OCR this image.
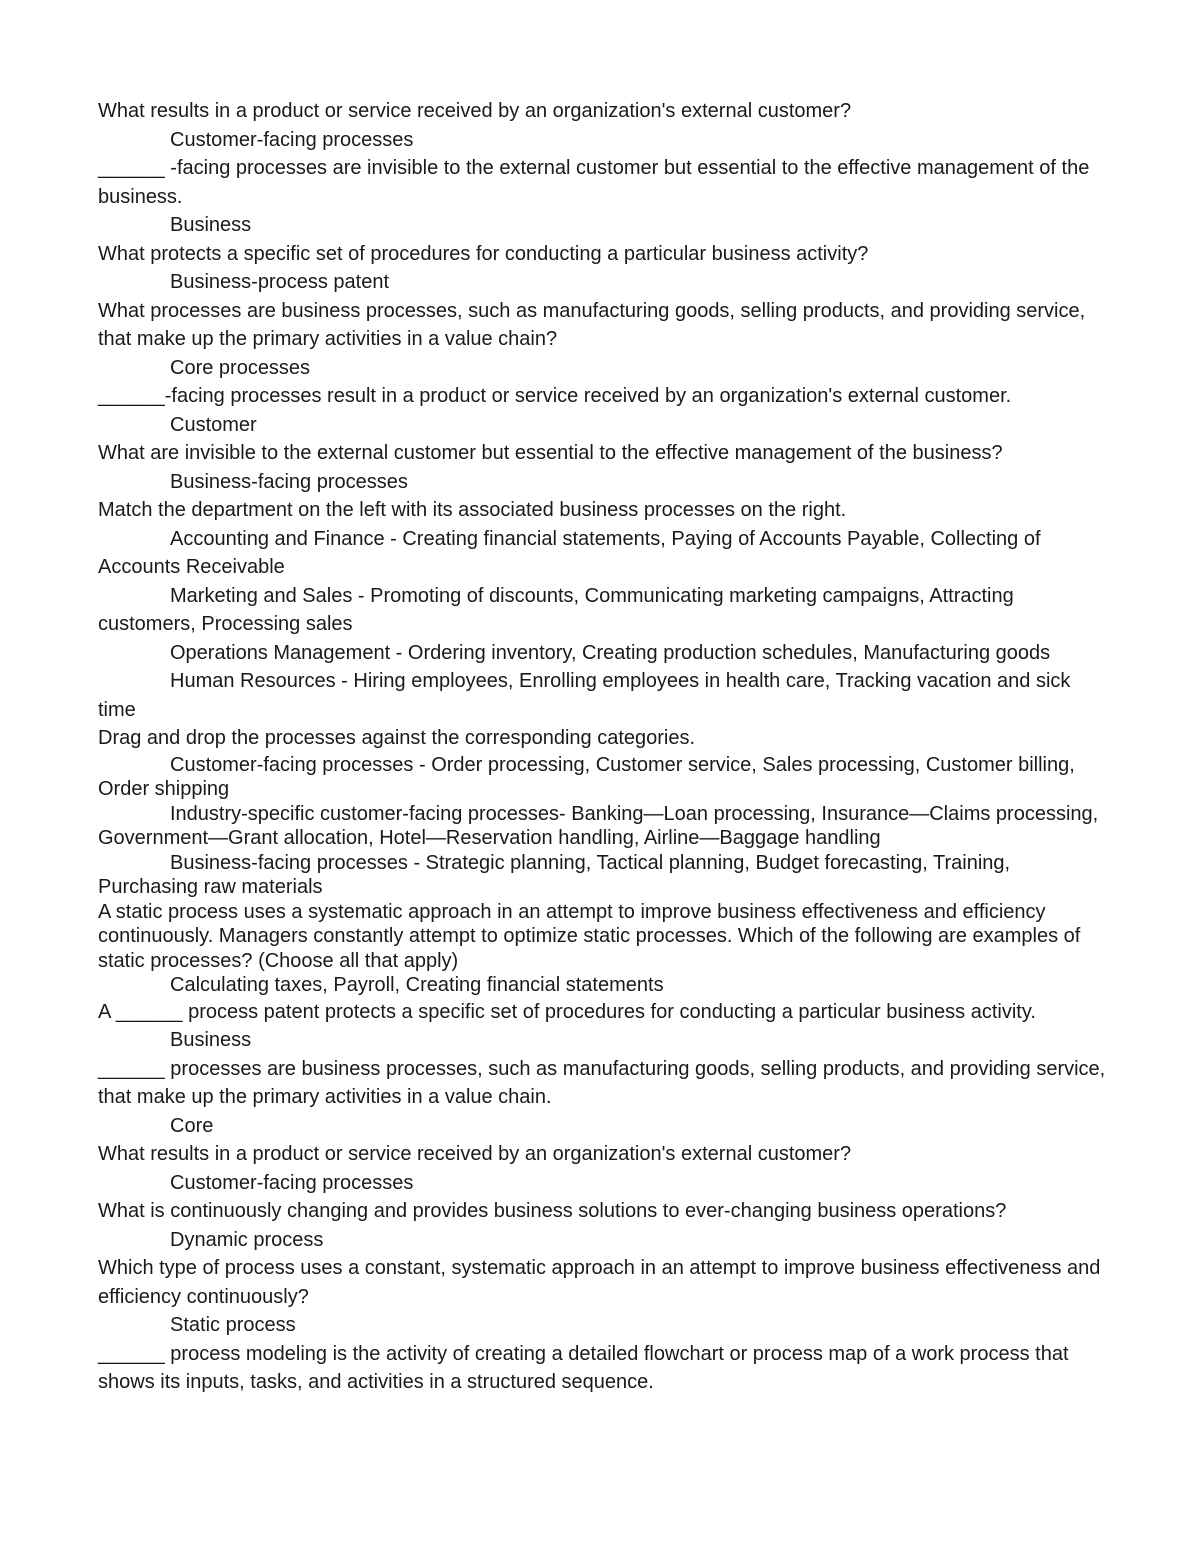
What results in a product or service received by an organization's external customer?

Customer-facing processes

______ -facing processes are invisible to the external customer but essential to the effective management of the business.

Business

What protects a specific set of procedures for conducting a particular business activity?

Business-process patent

What processes are business processes, such as manufacturing goods, selling products, and providing service, that make up the primary activities in a value chain?

Core processes

______-facing processes result in a product or service received by an organization's external customer.

Customer

What are invisible to the external customer but essential to the effective management of the business?

Business-facing processes

Match the department on the left with its associated business processes on the right.

Accounting and Finance - Creating financial statements, Paying of Accounts Payable, Collecting of Accounts Receivable

Marketing and Sales - Promoting of discounts, Communicating marketing campaigns, Attracting customers, Processing sales

Operations Management - Ordering inventory, Creating production schedules, Manufacturing goods

Human Resources - Hiring employees, Enrolling employees in health care, Tracking vacation and sick time

Drag and drop the processes against the corresponding categories.

Customer-facing processes - Order processing, Customer service, Sales processing, Customer billing, Order shipping

Industry-specific customer-facing processes- Banking—Loan processing, Insurance—Claims processing, Government—Grant allocation, Hotel—Reservation handling, Airline—Baggage handling

Business-facing processes - Strategic planning, Tactical planning, Budget forecasting, Training, Purchasing raw materials

A static process uses a systematic approach in an attempt to improve business effectiveness and efficiency continuously. Managers constantly attempt to optimize static processes. Which of the following are examples of static processes? (Choose all that apply)

Calculating taxes, Payroll, Creating financial statements

A ______ process patent protects a specific set of procedures for conducting a particular business activity.

Business

______ processes are business processes, such as manufacturing goods, selling products, and providing service, that make up the primary activities in a value chain.

Core

What results in a product or service received by an organization's external customer?

Customer-facing processes

What is continuously changing and provides business solutions to ever-changing business operations?

Dynamic process

Which type of process uses a constant, systematic approach in an attempt to improve business effectiveness and efficiency continuously?

Static process

______ process modeling is the activity of creating a detailed flowchart or process map of a work process that shows its inputs, tasks, and activities in a structured sequence.
